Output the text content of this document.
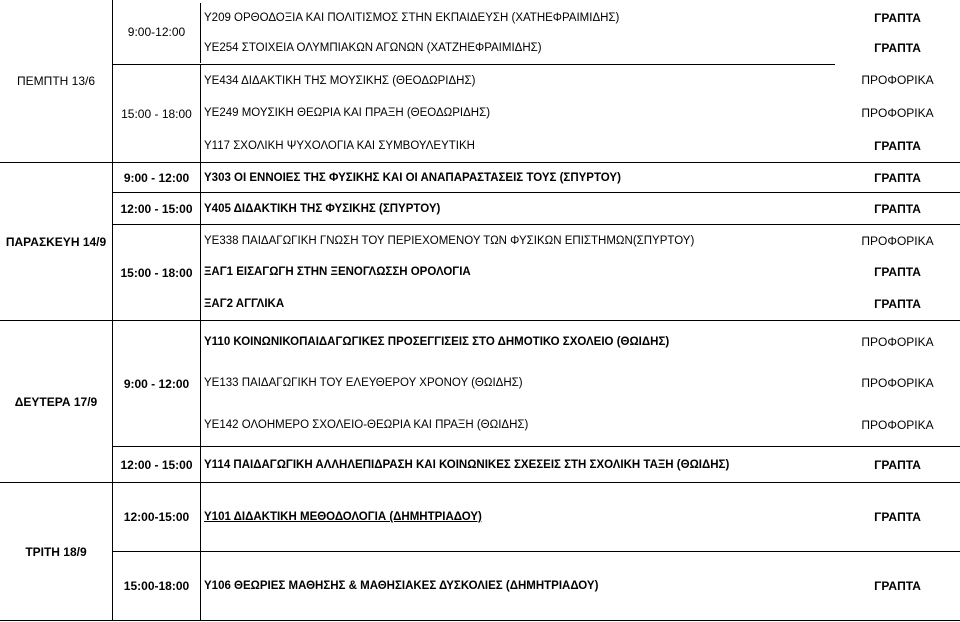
ΠΕΜΠΤΗ 13/6
9:00-12:00
Υ209 ΟΡΘΟΔΟΞΙΑ ΚΑΙ ΠΟΛΙΤΙΣΜΟΣ ΣΤΗΝ ΕΚΠΑΙΔΕΥΣΗ (ΧΑΤΗΕΦΡΑΙΜΙΔΗΣ)	ΓΡΑΠΤΑ
ΥΕ254 ΣΤΟΙΧΕΙΑ ΟΛΥΜΠΙΑΚΩΝ ΑΓΩΝΩΝ (ΧΑΤΖΗΕΦΡΑΙΜΙΔΗΣ)	ΓΡΑΠΤΑ
15:00 - 18:00
ΥΕ434 ΔΙΔΑΚΤΙΚΗ ΤΗΣ ΜΟΥΣΙΚΗΣ (ΘΕΟΔΩΡΙΔΗΣ)	ΠΡΟΦΟΡΙΚΑ
ΥΕ249 ΜΟΥΣΙΚΗ ΘΕΩΡΙΑ ΚΑΙ ΠΡΑΞΗ (ΘΕΟΔΩΡΙΔΗΣ)	ΠΡΟΦΟΡΙΚΑ
Υ117 ΣΧΟΛΙΚΗ ΨΥΧΟΛΟΓΙΑ ΚΑΙ ΣΥΜΒΟΥΛΕΥΤΙΚΗ	ΓΡΑΠΤΑ
ΠΑΡΑΣΚΕΥΗ 14/9
9:00 - 12:00 Υ303 ΟΙ ΕΝΝΟΙΕΣ ΤΗΣ ΦΥΣΙΚΗΣ ΚΑΙ ΟΙ ΑΝΑΠΑΡΑΣΤΑΣΕΙΣ ΤΟΥΣ (ΣΠΥΡΤΟΥ)	ΓΡΑΠΤΑ
12:00 - 15:00 Υ405 ΔΙΔΑΚΤΙΚΗ ΤΗΣ ΦΥΣΙΚΗΣ (ΣΠΥΡΤΟΥ)	ΓΡΑΠΤΑ
15:00 - 18:00
ΥΕ338 ΠΑΙΔΑΓΩΓΙΚΗ ΓΝΩΣΗ ΤΟΥ ΠΕΡΙΕΧΟΜΕΝΟΥ ΤΩΝ ΦΥΣΙΚΩΝ ΕΠΙΣΤΗΜΩΝ(ΣΠΥΡΤΟΥ)	ΠΡΟΦΟΡΙΚΑ
ΞΑΓ1 ΕΙΣΑΓΩΓΗ ΣΤΗΝ ΞΕΝΟΓΛΩΣΣΗ ΟΡΟΛΟΓΙΑ	ΓΡΑΠΤΑ
ΞΑΓ2 ΑΓΓΛΙΚΑ	ΓΡΑΠΤΑ
ΔΕΥΤΕΡΑ 17/9
9:00 - 12:00
Υ110 ΚΟΙΝΩΝΙΚΟΠΑΙΔΑΓΩΓΙΚΕΣ ΠΡΟΣΕΓΓΙΣΕΙΣ ΣΤΟ ΔΗΜΟΤΙΚΟ ΣΧΟΛΕΙΟ (ΘΩΙΔΗΣ)	ΠΡΟΦΟΡΙΚΑ
ΥΕ133 ΠΑΙΔΑΓΩΓΙΚΗ ΤΟΥ ΕΛΕΥΘΕΡΟΥ ΧΡΟΝΟΥ (ΘΩΙΔΗΣ)	ΠΡΟΦΟΡΙΚΑ
ΥΕ142 ΟΛΟΗΜΕΡΟ ΣΧΟΛΕΙΟ-ΘΕΩΡΙΑ ΚΑΙ ΠΡΑΞΗ (ΘΩΙΔΗΣ)	ΠΡΟΦΟΡΙΚΑ
12:00 - 15:00 Υ114 ΠΑΙΔΑΓΩΓΙΚΗ ΑΛΛΗΛΕΠΙΔΡΑΣΗ ΚΑΙ ΚΟΙΝΩΝΙΚΕΣ ΣΧΕΣΕΙΣ ΣΤΗ ΣΧΟΛΙΚΗ ΤΑΞΗ (ΘΩΙΔΗΣ)	ΓΡΑΠΤΑ
ΤΡΙΤΗ 18/9
12:00-15:00 Υ101 ΔΙΔΑΚΤΙΚΗ ΜΕΘΟΔΟΛΟΓΙΑ (ΔΗΜΗΤΡΙΑΔΟΥ)	ΓΡΑΠΤΑ
15:00-18:00 Υ106 ΘΕΩΡΙΕΣ ΜΑΘΗΣΗΣ & ΜΑΘΗΣΙΑΚΕΣ ΔΥΣΚΟΛΙΕΣ (ΔΗΜΗΤΡΙΑΔΟΥ)	ΓΡΑΠΤΑ
